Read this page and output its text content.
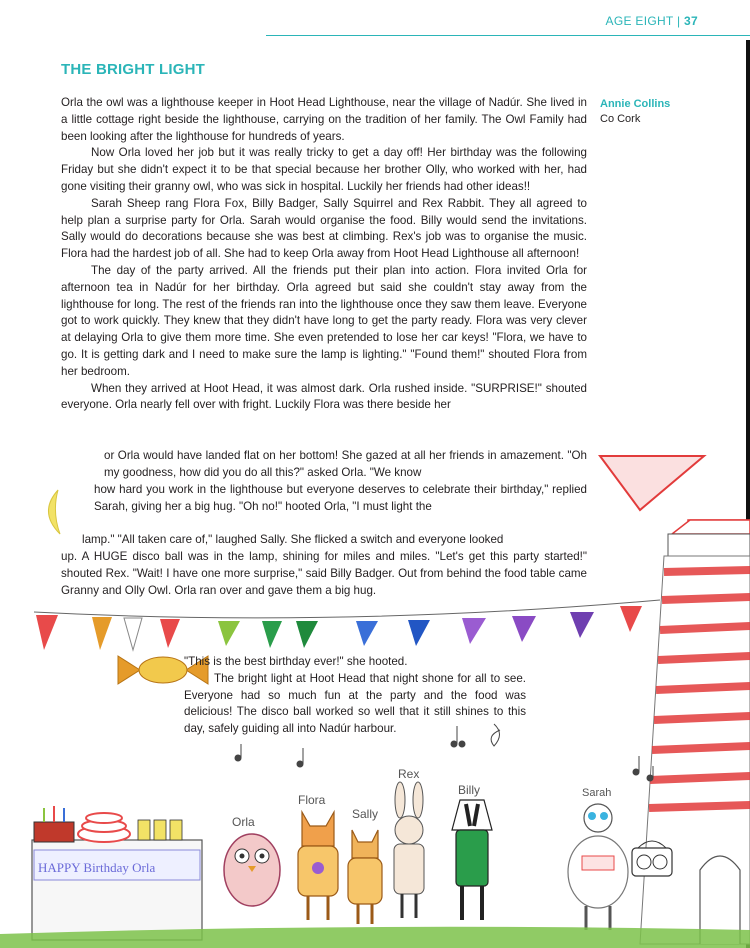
AGE EIGHT | 37
THE BRIGHT LIGHT
Annie Collins
Co Cork
HAPPY Birthday Orla
Orla
Flora
Sally
Rex
Billy	Sarah

Orla the owl was a lighthouse keeper in Hoot Head Lighthouse, near the village of Nadúr. She lived in a little cottage right beside the lighthouse, carrying on the tradition of her family. The Owl Family had been looking after the lighthouse for hundreds of years.

Now Orla loved her job but it was really tricky to get a day off! Her birthday was the following Friday but she didn't expect it to be that special because her brother Olly, who worked with her, had gone visiting their granny owl, who was sick in hospital. Luckily her friends had other ideas!!

Sarah Sheep rang Flora Fox, Billy Badger, Sally Squirrel and Rex Rabbit. They all agreed to help plan a surprise party for Orla. Sarah would organise the food. Billy would send the invitations. Sally would do decorations because she was best at climbing. Rex's job was to organise the music. Flora had the hardest job of all. She had to keep Orla away from Hoot Head Lighthouse all afternoon!

The day of the party arrived. All the friends put their plan into action. Flora invited Orla for afternoon tea in Nadúr for her birthday. Orla agreed but said she couldn't stay away from the lighthouse for long. The rest of the friends ran into the lighthouse once they saw them leave. Everyone got to work quickly. They knew that they didn't have long to get the party ready. Flora was very clever at delaying Orla to give them more time. She even pretended to lose her car keys! "Flora, we have to go. It is getting dark and I need to make sure the lamp is lighting." "Found them!" shouted Flora from her bedroom.

When they arrived at Hoot Head, it was almost dark. Orla rushed inside. "SURPRISE!" shouted everyone. Orla nearly fell over with fright. Luckily Flora was there beside her

or Orla would have landed flat on her bottom! She gazed at all her friends in amazement. "Oh my goodness, how did you do all this?" asked Orla. "We know
how hard you work in the lighthouse but everyone deserves to celebrate their birthday," replied Sarah, giving her a big hug. "Oh no!" hooted Orla, "I must light the
lamp." "All taken care of," laughed Sally. She flicked a switch and everyone looked
up. A HUGE disco ball was in the lamp, shining for miles and miles. "Let's get this party started!" shouted Rex. "Wait! I have one more surprise," said Billy Badger. Out from behind the food table came Granny and Olly Owl. Orla ran over and gave them a big hug.

"This is the best birthday ever!" she hooted.

The bright light at Hoot Head that night shone for all to see. Everyone had so much fun at the party and the food was delicious! The disco ball worked so well that it still shines to this day, safely guiding all into Nadúr harbour.
